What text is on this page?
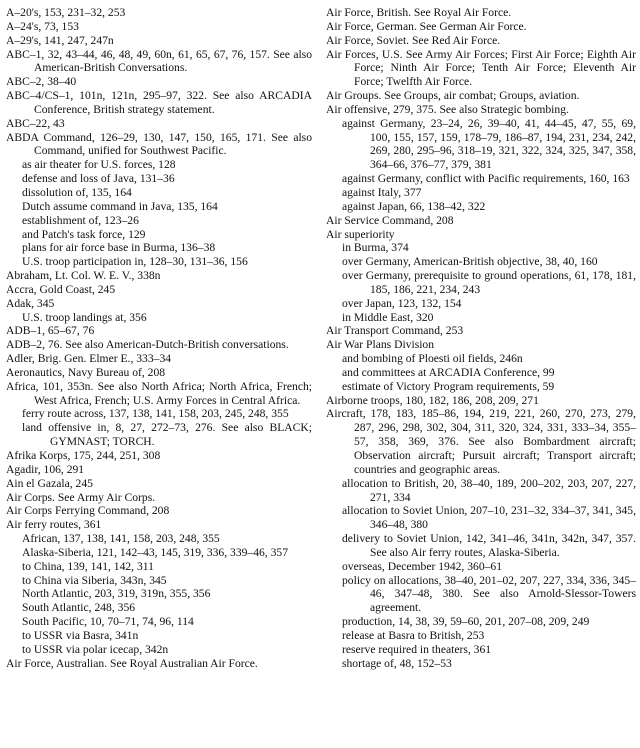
A–20's, 153, 231–32, 253
A–24's, 73, 153
A–29's, 141, 247, 247n
ABC–1, 32, 43–44, 46, 48, 49, 60n, 61, 65, 67, 76, 157. See also American-British Conversations.
ABC–2, 38–40
ABC–4/CS–1, 101n, 121n, 295–97, 322. See also ARCADIA Conference, British strategy statement.
ABC–22, 43
ABDA Command, 126–29, 130, 147, 150, 165, 171. See also Command, unified for Southwest Pacific.
as air theater for U.S. forces, 128
defense and loss of Java, 131–36
dissolution of, 135, 164
Dutch assume command in Java, 135, 164
establishment of, 123–26
and Patch's task force, 129
plans for air force base in Burma, 136–38
U.S. troop participation in, 128–30, 131–36, 156
Abraham, Lt. Col. W. E. V., 338n
Accra, Gold Coast, 245
Adak, 345
U.S. troop landings at, 356
ADB–1, 65–67, 76
ADB–2, 76. See also American-Dutch-British conversations.
Adler, Brig. Gen. Elmer E., 333–34
Aeronautics, Navy Bureau of, 208
Africa, 101, 353n. See also North Africa; North Africa, French; West Africa, French; U.S. Army Forces in Central Africa.
ferry route across, 137, 138, 141, 158, 203, 245, 248, 355
land offensive in, 8, 27, 272–73, 276. See also BLACK; GYMNAST; TORCH.
Afrika Korps, 175, 244, 251, 308
Agadir, 106, 291
Ain el Gazala, 245
Air Corps. See Army Air Corps.
Air Corps Ferrying Command, 208
Air ferry routes, 361
African, 137, 138, 141, 158, 203, 248, 355
Alaska-Siberia, 121, 142–43, 145, 319, 336, 339–46, 357
to China, 139, 141, 142, 311
to China via Siberia, 343n, 345
North Atlantic, 203, 319, 319n, 355, 356
South Atlantic, 248, 356
South Pacific, 10, 70–71, 74, 96, 114
to USSR via Basra, 341n
to USSR via polar icecap, 342n
Air Force, Australian. See Royal Australian Air Force.
Air Force, British. See Royal Air Force.
Air Force, German. See German Air Force.
Air Force, Soviet. See Red Air Force.
Air Forces, U.S. See Army Air Forces; First Air Force; Eighth Air Force; Ninth Air Force; Tenth Air Force; Eleventh Air Force; Twelfth Air Force.
Air Groups. See Groups, air combat; Groups, aviation.
Air offensive, 279, 375. See also Strategic bombing.
against Germany, 23–24, 26, 39–40, 41, 44–45, 47, 55, 69, 100, 155, 157, 159, 178–79, 186–87, 194, 231, 234, 242, 269, 280, 295–96, 318–19, 321, 322, 324, 325, 347, 358, 364–66, 376–77, 379, 381
against Germany, conflict with Pacific requirements, 160, 163
against Italy, 377
against Japan, 66, 138–42, 322
Air Service Command, 208
Air superiority
in Burma, 374
over Germany, American-British objective, 38, 40, 160
over Germany, prerequisite to ground operations, 61, 178, 181, 185, 186, 221, 234, 243
over Japan, 123, 132, 154
in Middle East, 320
Air Transport Command, 253
Air War Plans Division
and bombing of Ploesti oil fields, 246n
and committees at ARCADIA Conference, 99
estimate of Victory Program requirements, 59
Airborne troops, 180, 182, 186, 208, 209, 271
Aircraft, 178, 183, 185–86, 194, 219, 221, 260, 270, 273, 279, 287, 296, 298, 302, 304, 311, 320, 324, 331, 333–34, 355–57, 358, 369, 376. See also Bombardment aircraft; Observation aircraft; Pursuit aircraft; Transport aircraft; countries and geographic areas.
allocation to British, 20, 38–40, 189, 200–202, 203, 207, 227, 271, 334
allocation to Soviet Union, 207–10, 231–32, 334–37, 341, 345, 346–48, 380
delivery to Soviet Union, 142, 341–46, 341n, 342n, 347, 357. See also Air ferry routes, Alaska-Siberia.
overseas, December 1942, 360–61
policy on allocations, 38–40, 201–02, 207, 227, 334, 336, 345–46, 347–48, 380. See also Arnold-Slessor-Towers agreement.
production, 14, 38, 39, 59–60, 201, 207–08, 209, 249
release at Basra to British, 253
reserve required in theaters, 361
shortage of, 48, 152–53
